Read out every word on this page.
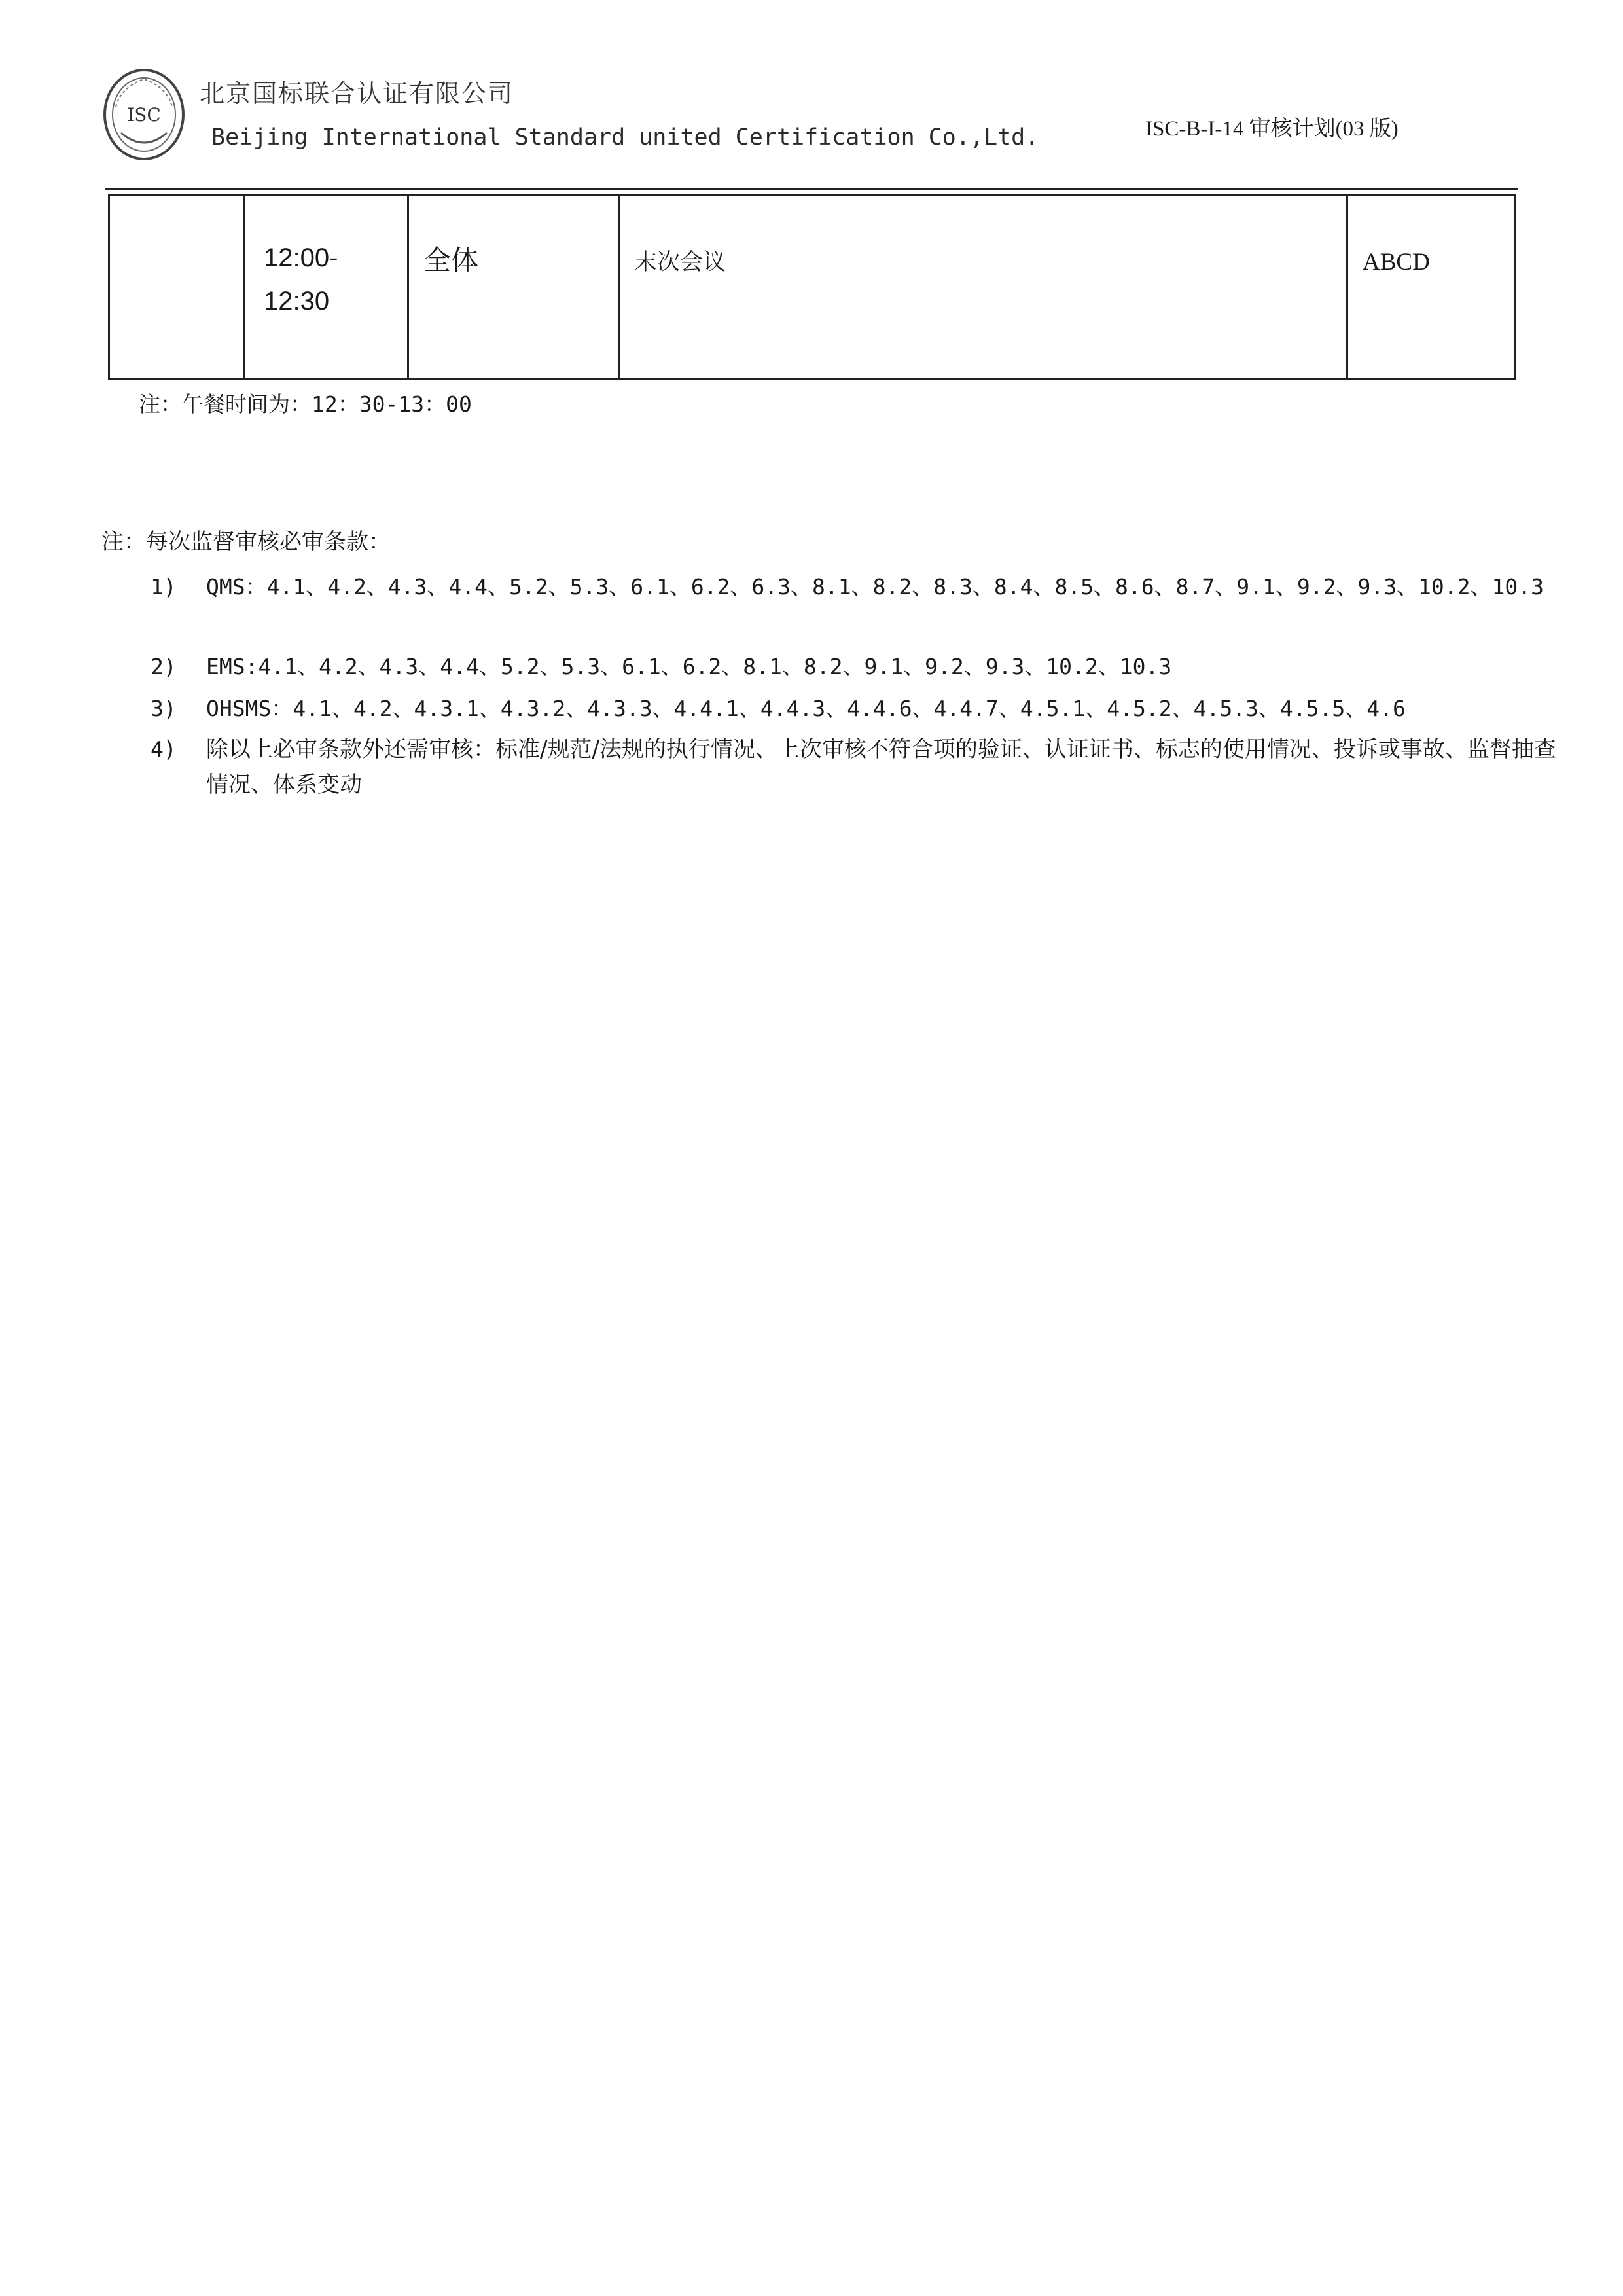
ISC
北京国标联合认证有限公司
Beijing International Standard united Certification Co.,Ltd.	ISC-B-I-14 审核计划(03 版)
	12:00-
12:30	全体	末次会议	ABCD
注：午餐时间为：12：30-13：00
注：每次监督审核必审条款：
1) QMS：4.1、4.2、4.3、4.4、5.2、5.3、6.1、6.2、6.3、8.1、8.2、8.3、8.4、8.5、8.6、8.7、9.1、9.2、9.3、10.2、10.3
2) EMS:4.1、4.2、4.3、4.4、5.2、5.3、6.1、6.2、8.1、8.2、9.1、9.2、9.3、10.2、10.3
3) OHSMS：4.1、4.2、4.3.1、4.3.2、4.3.3、4.4.1、4.4.3、4.4.6、4.4.7、4.5.1、4.5.2、4.5.3、4.5.5、4.6
4) 除以上必审条款外还需审核：标准/规范/法规的执行情况、上次审核不符合项的验证、认证证书、标志的使用情况、投诉或事故、监督抽查情况、体系变动
